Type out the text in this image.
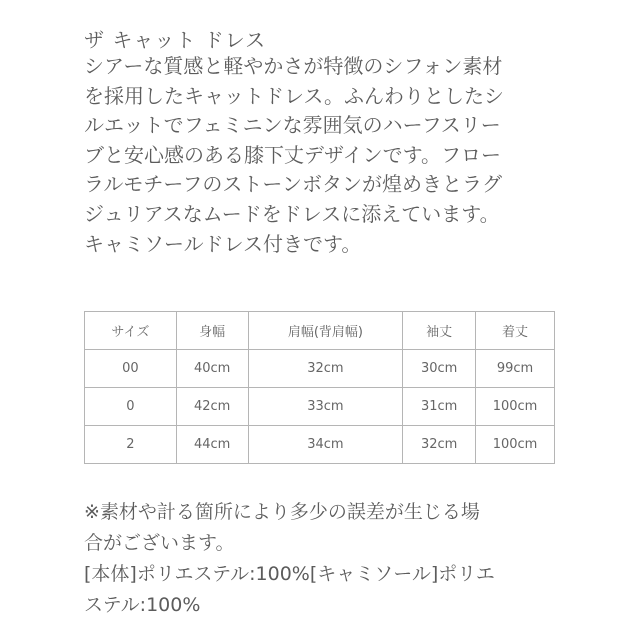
ザ キャット ドレス
シアーな質感と軽やかさが特徴のシフォン素材
を採用したキャットドレス。ふんわりとしたシ
ルエットでフェミニンな雰囲気のハーフスリー
ブと安心感のある膝下丈デザインです。フロー
ラルモチーフのストーンボタンが煌めきとラグ
ジュリアスなムードをドレスに添えています。
キャミソールドレス付きです。
サイズ	身幅	肩幅(背肩幅)	袖丈	着丈
00	40cm	32cm	30cm	99cm
0	42cm	33cm	31cm	100cm
2	44cm	34cm	32cm	100cm
※素材や計る箇所により多少の誤差が生じる場
合がございます。
[本体]ポリエステル:100%[キャミソール]ポリエ
ステル:100%
